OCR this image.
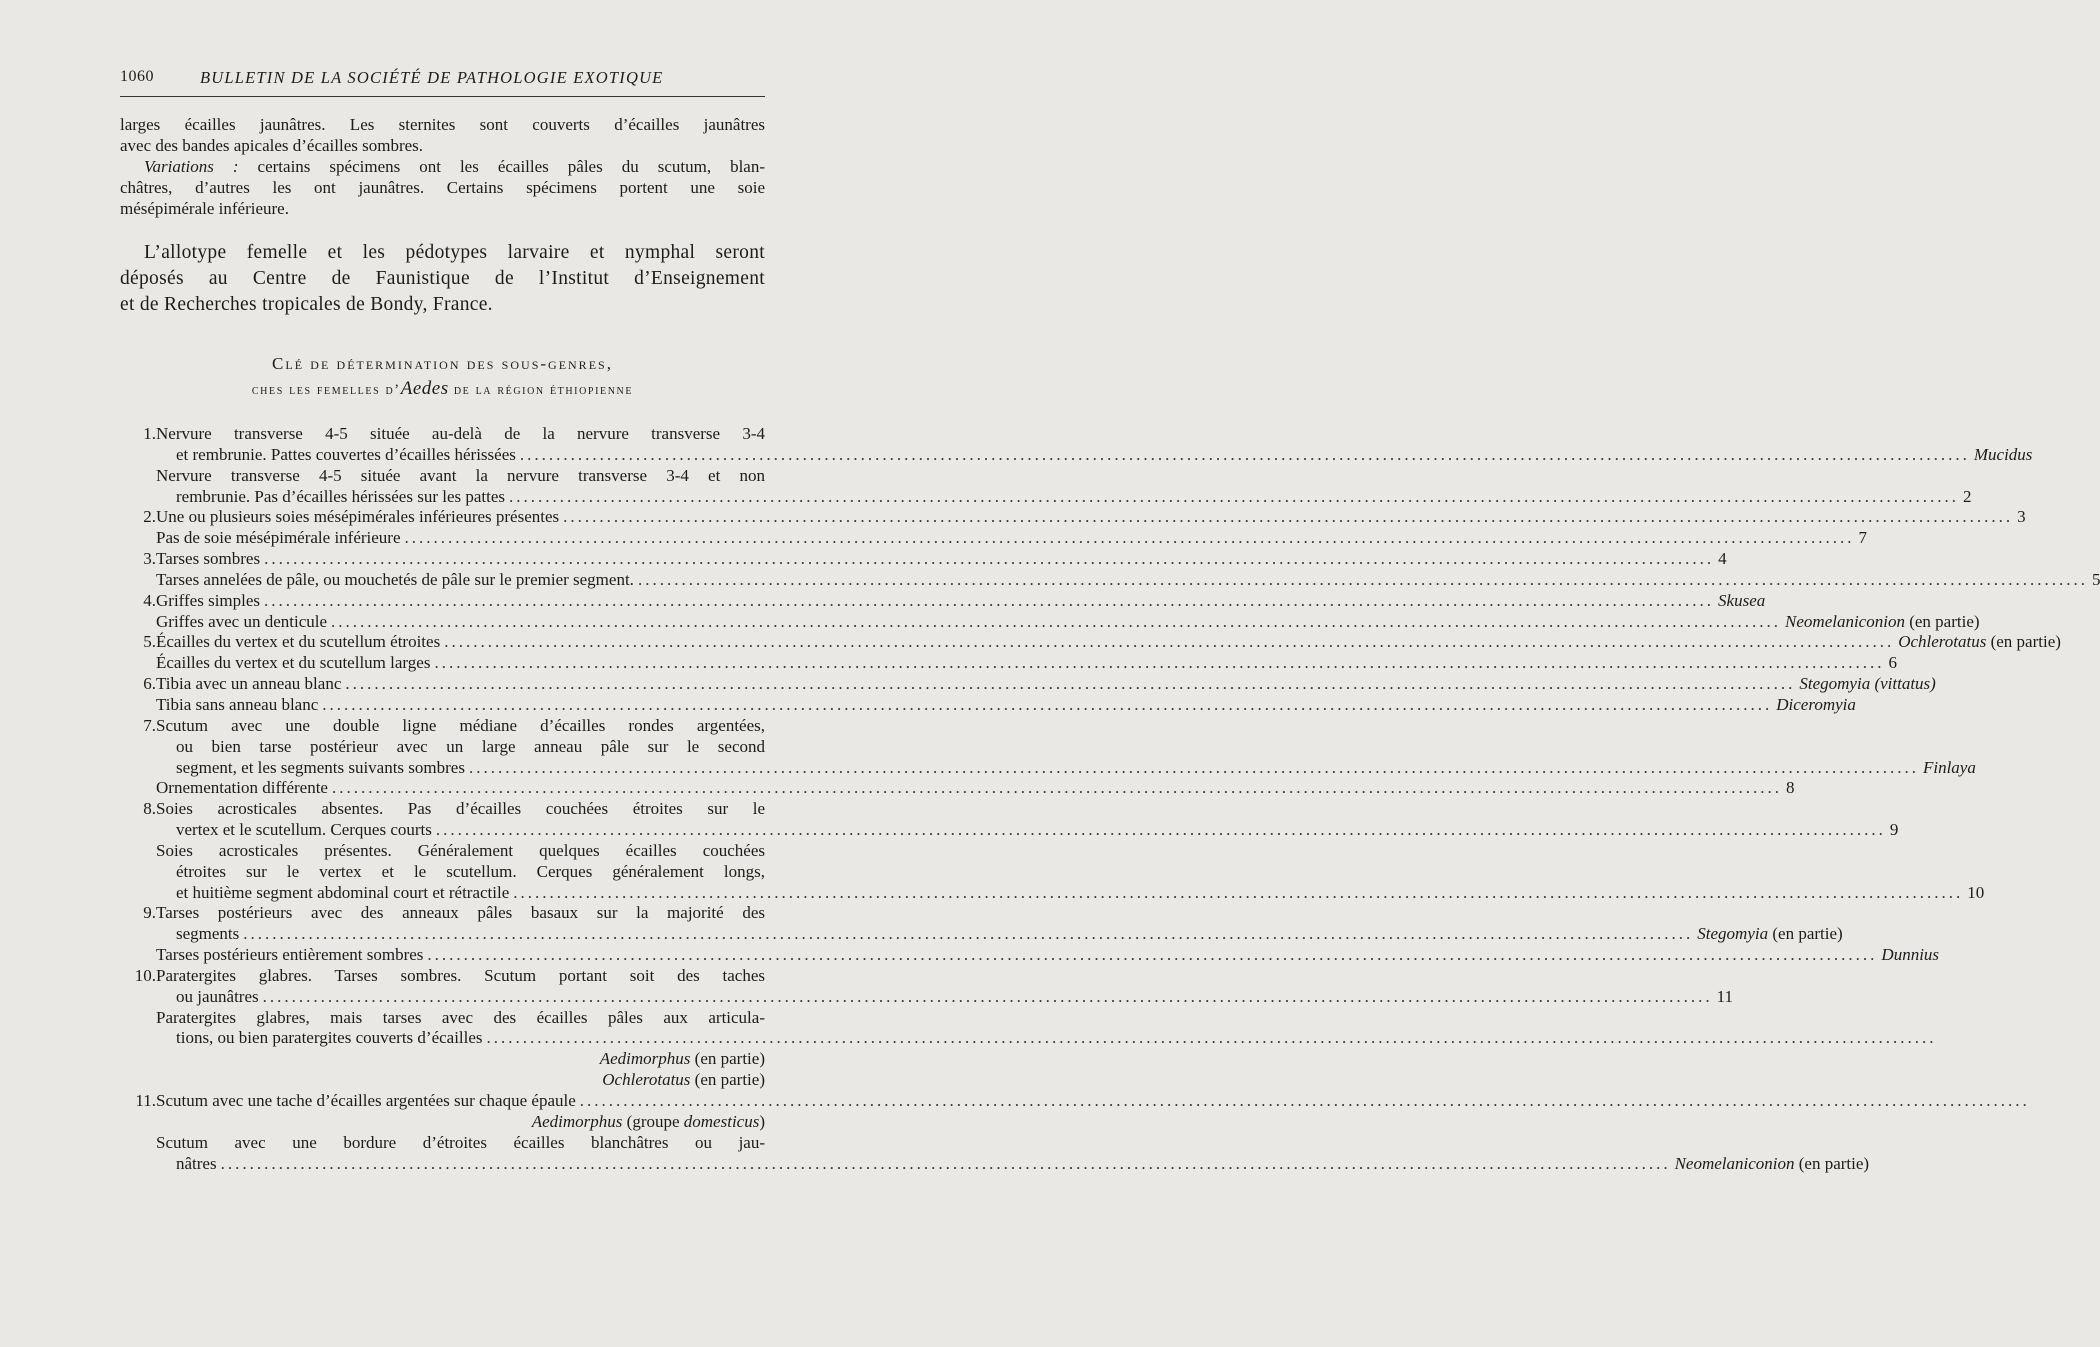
1060	BULLETIN DE LA SOCIÉTÉ DE PATHOLOGIE EXOTIQUE
larges écailles jaunâtres. Les sternites sont couverts d’écailles jaunâtres
avec des bandes apicales d’écailles sombres.
Variations : certains spécimens ont les écailles pâles du scutum, blan-
châtres, d’autres les ont jaunâtres. Certains spécimens portent une soie
mésépimérale inférieure.
L’allotype femelle et les pédotypes larvaire et nymphal seront
déposés au Centre de Faunistique de l’Institut d’Enseignement
et de Recherches tropicales de Bondy, France.
Clé de détermination des sous-genres,
ches les femelles d’Aedes de la région éthiopienne
1. Nervure transverse 4-5 située au-delà de la nervure transverse 3-4
et rembrunie. Pattes couvertes d’écailles hérissées ........................................................................................................................................................................................................ Mucidus
Nervure transverse 4-5 située avant la nervure transverse 3-4 et non
rembrunie. Pas d’écailles hérissées sur les pattes ........................................................................................................................................................................................................ 2
2. Une ou plusieurs soies mésépimérales inférieures présentes ........................................................................................................................................................................................................ 3
Pas de soie mésépimérale inférieure ........................................................................................................................................................................................................ 7
3. Tarses sombres ........................................................................................................................................................................................................ 4
Tarses annelées de pâle, ou mouchetés de pâle sur le premier segment. ........................................................................................................................................................................................................ 5
4. Griffes simples ........................................................................................................................................................................................................ Skusea
Griffes avec un denticule ........................................................................................................................................................................................................ Neomelaniconion (en partie)
5. Écailles du vertex et du scutellum étroites ........................................................................................................................................................................................................ Ochlerotatus (en partie)
Écailles du vertex et du scutellum larges ........................................................................................................................................................................................................ 6
6. Tibia avec un anneau blanc ........................................................................................................................................................................................................ Stegomyia (vittatus)
Tibia sans anneau blanc ........................................................................................................................................................................................................ Diceromyia
7. Scutum avec une double ligne médiane d’écailles rondes argentées,
ou bien tarse postérieur avec un large anneau pâle sur le second
segment, et les segments suivants sombres ........................................................................................................................................................................................................ Finlaya
Ornementation différente ........................................................................................................................................................................................................ 8
8. Soies acrosticales absentes. Pas d’écailles couchées étroites sur le
vertex et le scutellum. Cerques courts ........................................................................................................................................................................................................ 9
Soies acrosticales présentes. Généralement quelques écailles couchées
étroites sur le vertex et le scutellum. Cerques généralement longs,
et huitième segment abdominal court et rétractile ........................................................................................................................................................................................................ 10
9. Tarses postérieurs avec des anneaux pâles basaux sur la majorité des
segments ........................................................................................................................................................................................................ Stegomyia (en partie)
Tarses postérieurs entièrement sombres ........................................................................................................................................................................................................ Dunnius
10. Paratergites glabres. Tarses sombres. Scutum portant soit des taches
ou jaunâtres ........................................................................................................................................................................................................ 11
Paratergites glabres, mais tarses avec des écailles pâles aux articula-
tions, ou bien paratergites couverts d’écailles ........................................................................................................................................................................................................
Aedimorphus (en partie)
Ochlerotatus (en partie)
11. Scutum avec une tache d’écailles argentées sur chaque épaule ........................................................................................................................................................................................................
Aedimorphus (groupe domesticus)
Scutum avec une bordure d’étroites écailles blanchâtres ou jau-
nâtres ........................................................................................................................................................................................................ Neomelaniconion (en partie)
